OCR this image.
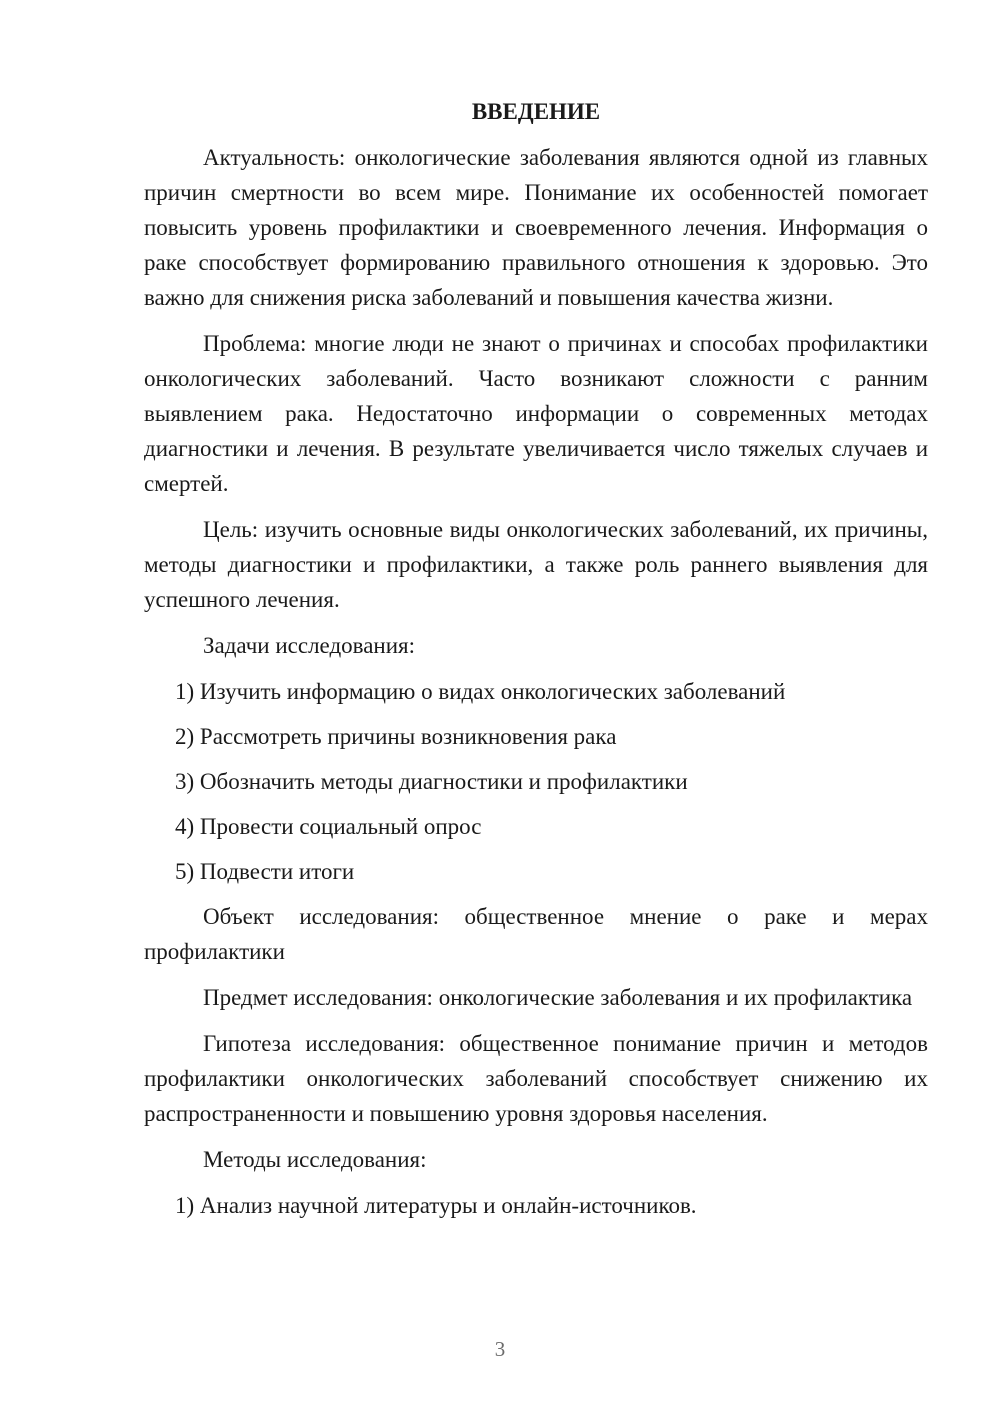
ВВЕДЕНИЕ

Актуальность: онкологические заболевания являются одной из главных причин смертности во всем мире. Понимание их особенностей помогает повысить уровень профилактики и своевременного лечения. Информация о раке способствует формированию правильного отношения к здоровью. Это важно для снижения риска заболеваний и повышения качества жизни.

Проблема: многие люди не знают о причинах и способах профилактики онкологических заболеваний. Часто возникают сложности с ранним выявлением рака. Недостаточно информации о современных методах диагностики и лечения. В результате увеличивается число тяжелых случаев и смертей.

Цель: изучить основные виды онкологических заболеваний, их причины, методы диагностики и профилактики, а также роль раннего выявления для успешного лечения.

Задачи исследования:
1) Изучить информацию о видах онкологических заболеваний
2) Рассмотреть причины возникновения рака
3) Обозначить методы диагностики и профилактики
4) Провести социальный опрос
5) Подвести итоги

Объект исследования: общественное мнение о раке и мерах профилактики

Предмет исследования: онкологические заболевания и их профилактика

Гипотеза исследования: общественное понимание причин и методов профилактики онкологических заболеваний способствует снижению их распространенности и повышению уровня здоровья населения.

Методы исследования:
1) Анализ научной литературы и онлайн-источников.
3
